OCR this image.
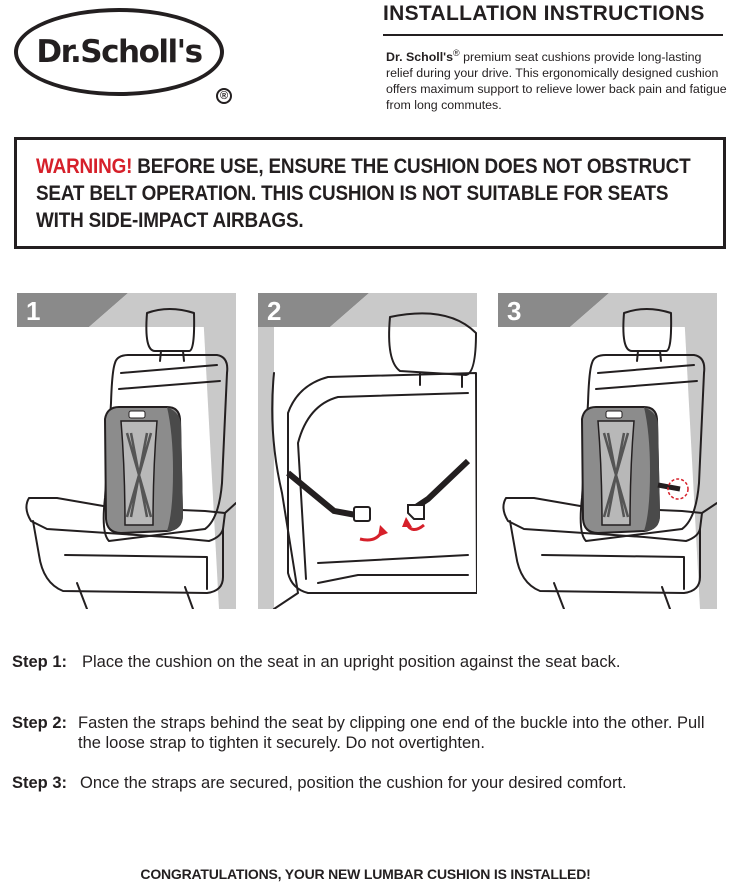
Dr.Scholl's
®
INSTALLATION INSTRUCTIONS
Dr. Scholl's® premium seat cushions provide long-lasting relief during your drive. This ergonomically designed cushion offers maximum support to relieve lower back pain and fatigue from long commutes.
WARNING! BEFORE USE, ENSURE THE CUSHION DOES NOT OBSTRUCT SEAT BELT OPERATION. THIS CUSHION IS NOT SUITABLE FOR SEATS WITH SIDE-IMPACT AIRBAGS.
1	2	3
Step 1: Place the cushion on the seat in an upright position against the seat back.
Step 2: Fasten the straps behind the seat by clipping one end of the buckle into the other. Pull the loose strap to tighten it securely. Do not overtighten.
Step 3: Once the straps are secured, position the cushion for your desired comfort.
CONGRATULATIONS, YOUR NEW LUMBAR CUSHION IS INSTALLED!
